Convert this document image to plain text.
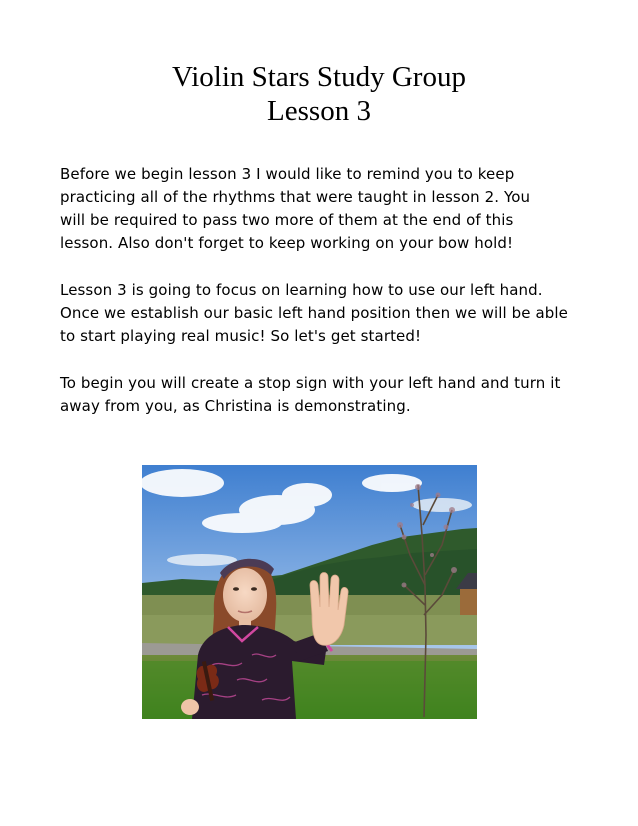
Violin Stars Study Group
Lesson 3

Before we begin lesson 3 I would like to remind you to keep
practicing all of the rhythms that were taught in lesson 2. You
will be required to pass two more of them at the end of this
lesson. Also don't forget to keep working on your bow hold!

Lesson 3 is going to focus on learning how to use our left hand.
Once we establish our basic left hand position then we will be able
to start playing real music! So let's get started!

To begin you will create a stop sign with your left hand and turn it
away from you, as Christina is demonstrating.
